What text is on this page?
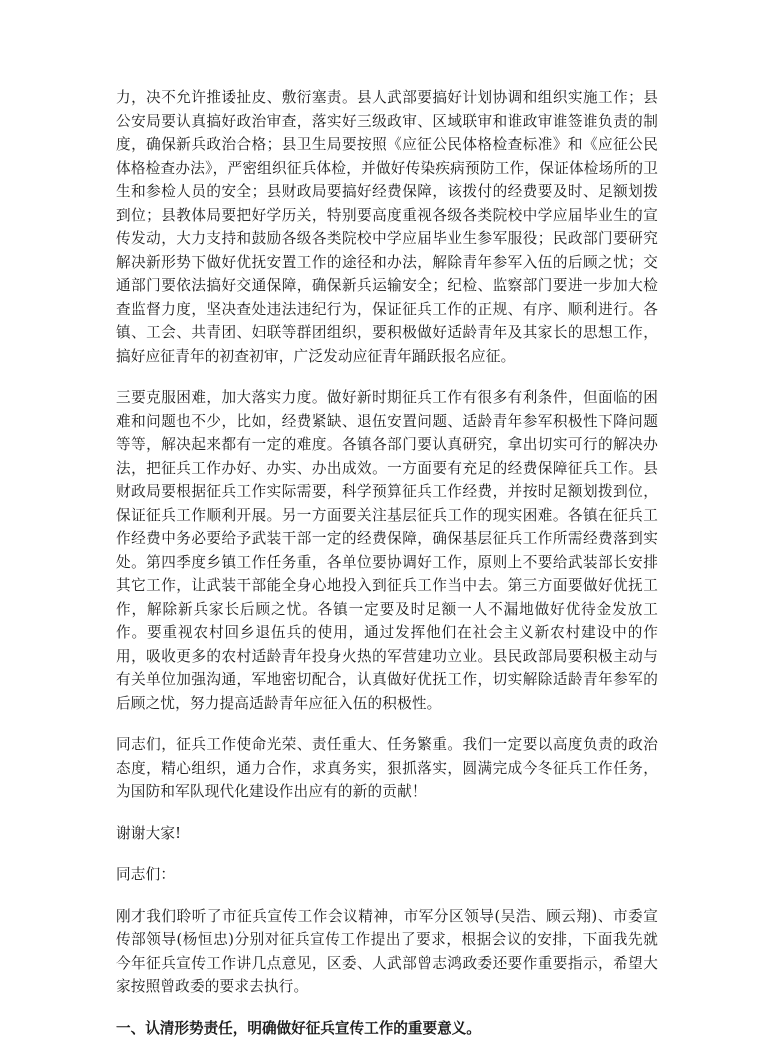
力，决不允许推诿扯皮、敷衍塞责。县人武部要搞好计划协调和组织实施工作；县公安局要认真搞好政治审查，落实好三级政审、区域联审和谁政审谁签谁负责的制度，确保新兵政治合格；县卫生局要按照《应征公民体格检查标准》和《应征公民体格检查办法》，严密组织征兵体检，并做好传染疾病预防工作，保证体检场所的卫生和参检人员的安全；县财政局要搞好经费保障，该拨付的经费要及时、足额划拨到位；县教体局要把好学历关，特别要高度重视各级各类院校中学应届毕业生的宣传发动，大力支持和鼓励各级各类院校中学应届毕业生参军服役；民政部门要研究解决新形势下做好优抚安置工作的途径和办法，解除青年参军入伍的后顾之忧；交通部门要依法搞好交通保障，确保新兵运输安全；纪检、监察部门要进一步加大检查监督力度，坚决查处违法违纪行为，保证征兵工作的正规、有序、顺利进行。各镇、工会、共青团、妇联等群团组织，要积极做好适龄青年及其家长的思想工作，搞好应征青年的初查初审，广泛发动应征青年踊跃报名应征。

三要克服困难，加大落实力度。做好新时期征兵工作有很多有利条件，但面临的困难和问题也不少，比如，经费紧缺、退伍安置问题、适龄青年参军积极性下降问题等等，解决起来都有一定的难度。各镇各部门要认真研究，拿出切实可行的解决办法，把征兵工作办好、办实、办出成效。一方面要有充足的经费保障征兵工作。县财政局要根据征兵工作实际需要，科学预算征兵工作经费，并按时足额划拨到位，保证征兵工作顺利开展。另一方面要关注基层征兵工作的现实困难。各镇在征兵工作经费中务必要给予武装干部一定的经费保障，确保基层征兵工作所需经费落到实处。第四季度乡镇工作任务重，各单位要协调好工作，原则上不要给武装部长安排其它工作，让武装干部能全身心地投入到征兵工作当中去。第三方面要做好优抚工作，解除新兵家长后顾之忧。各镇一定要及时足额一人不漏地做好优待金发放工作。要重视农村回乡退伍兵的使用，通过发挥他们在社会主义新农村建设中的作用，吸收更多的农村适龄青年投身火热的军营建功立业。县民政部局要积极主动与有关单位加强沟通，军地密切配合，认真做好优抚工作，切实解除适龄青年参军的后顾之忧，努力提高适龄青年应征入伍的积极性。

同志们，征兵工作使命光荣、责任重大、任务繁重。我们一定要以高度负责的政治态度，精心组织，通力合作，求真务实，狠抓落实，圆满完成今冬征兵工作任务，为国防和军队现代化建设作出应有的新的贡献！

谢谢大家!

同志们：

刚才我们聆听了市征兵宣传工作会议精神，市军分区领导(吴浩、顾云翔)、市委宣传部领导(杨恒忠)分别对征兵宣传工作提出了要求，根据会议的安排，下面我先就今年征兵宣传工作讲几点意见，区委、人武部曾志鸿政委还要作重要指示，希望大家按照曾政委的要求去执行。

一、认清形势责任，明确做好征兵宣传工作的重要意义。
